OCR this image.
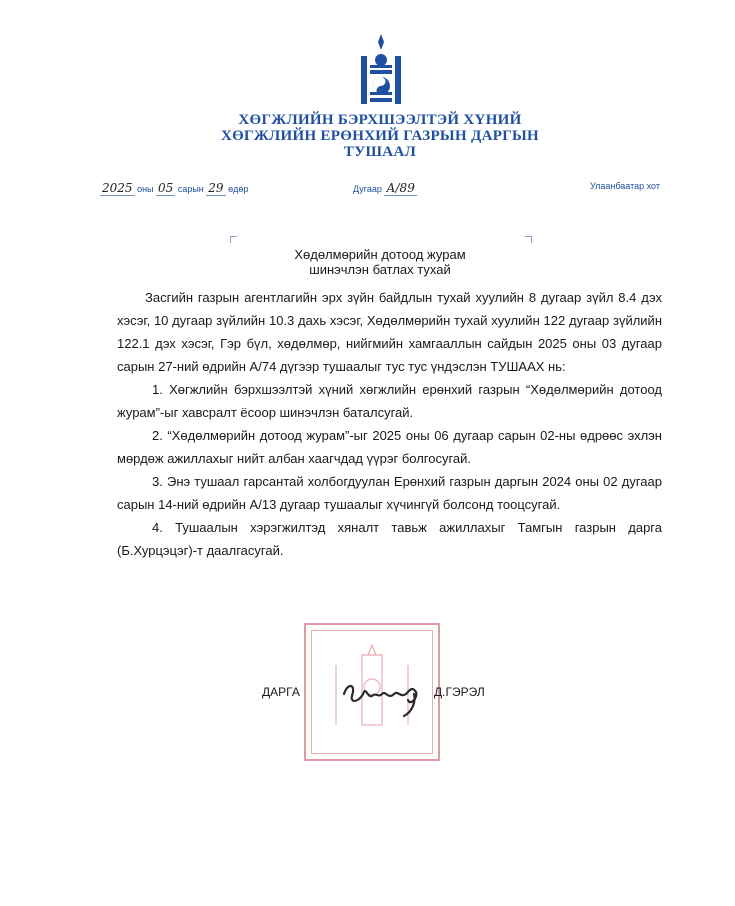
ХӨГЖЛИЙН БЭРХШЭЭЛТЭЙ ХҮНИЙ
ХӨГЖЛИЙН ЕРӨНХИЙ ГАЗРЫН ДАРГЫН
ТУШААЛ
2025 оны 05 сарын 29 өдөр	Дугаар А/89	Улаанбаатар хот
Хөдөлмөрийн дотоод журам
шинэчлэн батлах тухай

Засгийн газрын агентлагийн эрх зүйн байдлын тухай хуулийн 8 дугаар зүйл 8.4 дэх хэсэг, 10 дугаар зүйлийн 10.3 дахь хэсэг, Хөдөлмөрийн тухай хуулийн 122 дугаар зүйлийн 122.1 дэх хэсэг, Гэр бүл, хөдөлмөр, нийгмийн хамгааллын сайдын 2025 оны 03 дугаар сарын 27-ний өдрийн А/74 дүгээр тушаалыг тус тус үндэслэн ТУШААХ нь:

1. Хөгжлийн бэрхшээлтэй хүний хөгжлийн ерөнхий газрын “Хөдөлмөрийн дотоод журам”-ыг хавсралт ёсоор шинэчлэн баталсугай.

2. “Хөдөлмөрийн дотоод журам”-ыг 2025 оны 06 дугаар сарын 02-ны өдрөөс эхлэн мөрдөж ажиллахыг нийт албан хаагчдад үүрэг болгосугай.

3. Энэ тушаал гарсантай холбогдуулан Ерөнхий газрын даргын 2024 оны 02 дугаар сарын 14-ний өдрийн А/13 дугаар тушаалыг хүчингүй болсонд тооцсугай.

4. Тушаалын хэрэгжилтэд хяналт тавьж ажиллахыг Тамгын газрын дарга (Б.Хурцэцэг)-т даалгасугай.

ДАРГА	Д.ГЭРЭЛ
